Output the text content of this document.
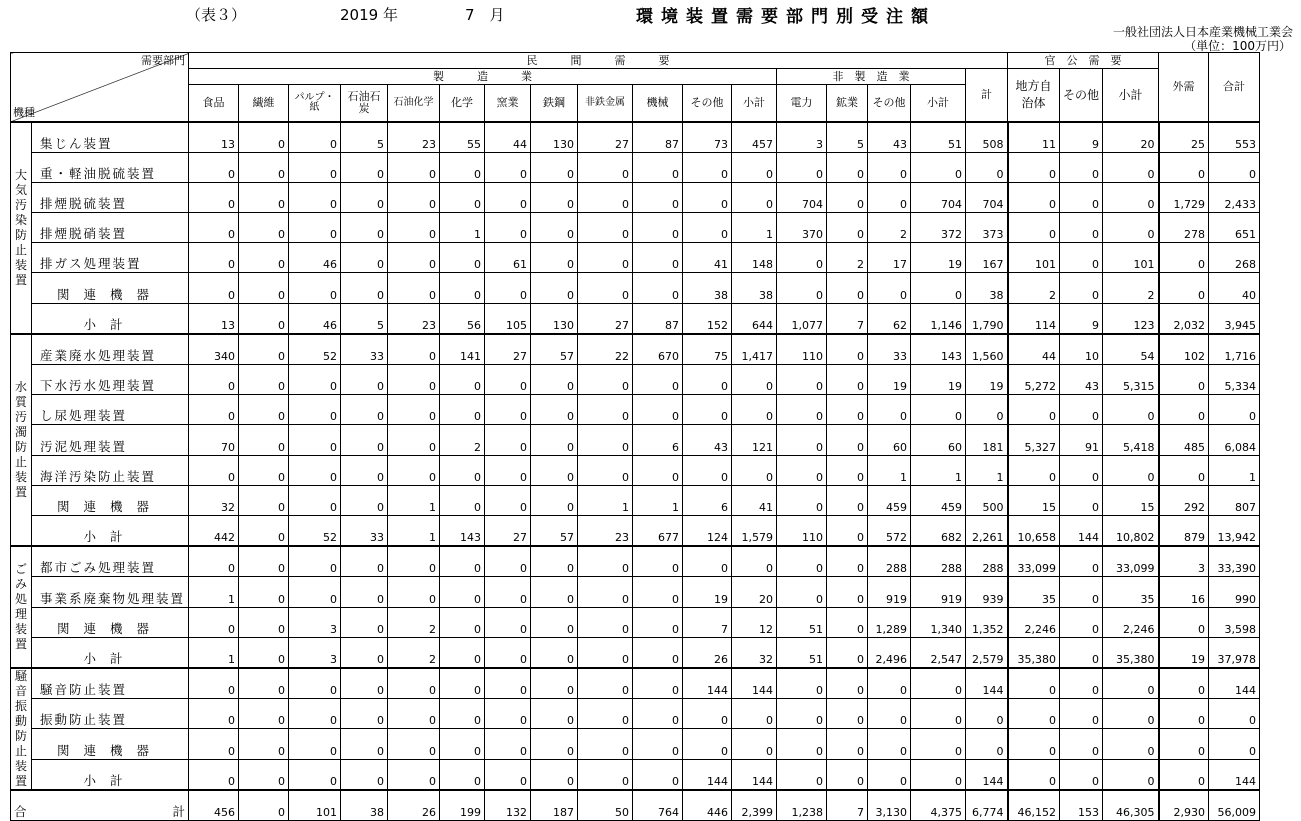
（表３）	2019 年	7　月	環境装置需要部門別受注額
一般社団法人日本産業機械工業会
（単位：100万円）
需要部門
機種		民　　　間　　　需　　　要																	官　公　需　要			外需	合計
		製　　　造　　　業												非　製　造　業				計	地方自治体	その他	小計		
		食品	繊維	パルプ・紙	石油石炭	石油化学	化学	窯業	鉄鋼	非鉄金属	機械	その他	小計	電力	鉱業	その他	小計						
大気汚染防止装置	集じん装置	13	0	0	5	23	55	44	130	27	87	73	457	3	5	43	51	508	11	9	20	25	553
	重・軽油脱硫装置	0	0	0	0	0	0	0	0	0	0	0	0	0	0	0	0	0	0	0	0	0	0
	排煙脱硫装置	0	0	0	0	0	0	0	0	0	0	0	0	704	0	0	704	704	0	0	0	1,729	2,433
	排煙脱硝装置	0	0	0	0	0	1	0	0	0	0	0	1	370	0	2	372	373	0	0	0	278	651
	排ガス処理装置	0	0	46	0	0	0	61	0	0	0	41	148	0	2	17	19	167	101	0	101	0	268
	関連機器	0	0	0	0	0	0	0	0	0	0	38	38	0	0	0	0	38	2	0	2	0	40
	小計	13	0	46	5	23	56	105	130	27	87	152	644	1,077	7	62	1,146	1,790	114	9	123	2,032	3,945
水質汚濁防止装置	産業廃水処理装置	340	0	52	33	0	141	27	57	22	670	75	1,417	110	0	33	143	1,560	44	10	54	102	1,716
	下水汚水処理装置	0	0	0	0	0	0	0	0	0	0	0	0	0	0	19	19	19	5,272	43	5,315	0	5,334
	し尿処理装置	0	0	0	0	0	0	0	0	0	0	0	0	0	0	0	0	0	0	0	0	0	0
	汚泥処理装置	70	0	0	0	0	2	0	0	0	6	43	121	0	0	60	60	181	5,327	91	5,418	485	6,084
	海洋汚染防止装置	0	0	0	0	0	0	0	0	0	0	0	0	0	0	1	1	1	0	0	0	0	1
	関連機器	32	0	0	0	1	0	0	0	1	1	6	41	0	0	459	459	500	15	0	15	292	807
	小計	442	0	52	33	1	143	27	57	23	677	124	1,579	110	0	572	682	2,261	10,658	144	10,802	879	13,942
ごみ処理装置	都市ごみ処理装置	0	0	0	0	0	0	0	0	0	0	0	0	0	0	288	288	288	33,099	0	33,099	3	33,390
	事業系廃棄物処理装置	1	0	0	0	0	0	0	0	0	0	19	20	0	0	919	919	939	35	0	35	16	990
	関連機器	0	0	3	0	2	0	0	0	0	0	7	12	51	0	1,289	1,340	1,352	2,246	0	2,246	0	3,598
	小計	1	0	3	0	2	0	0	0	0	0	26	32	51	0	2,496	2,547	2,579	35,380	0	35,380	19	37,978
騒音振動防止装置	騒音防止装置	0	0	0	0	0	0	0	0	0	0	144	144	0	0	0	0	144	0	0	0	0	144
	振動防止装置	0	0	0	0	0	0	0	0	0	0	0	0	0	0	0	0	0	0	0	0	0	0
	関連機器	0	0	0	0	0	0	0	0	0	0	0	0	0	0	0	0	0	0	0	0	0	0
	小計	0	0	0	0	0	0	0	0	0	0	144	144	0	0	0	0	144	0	0	0	0	144
合 計		456	0	101	38	26	199	132	187	50	764	446	2,399	1,238	7	3,130	4,375	6,774	46,152	153	46,305	2,930	56,009
